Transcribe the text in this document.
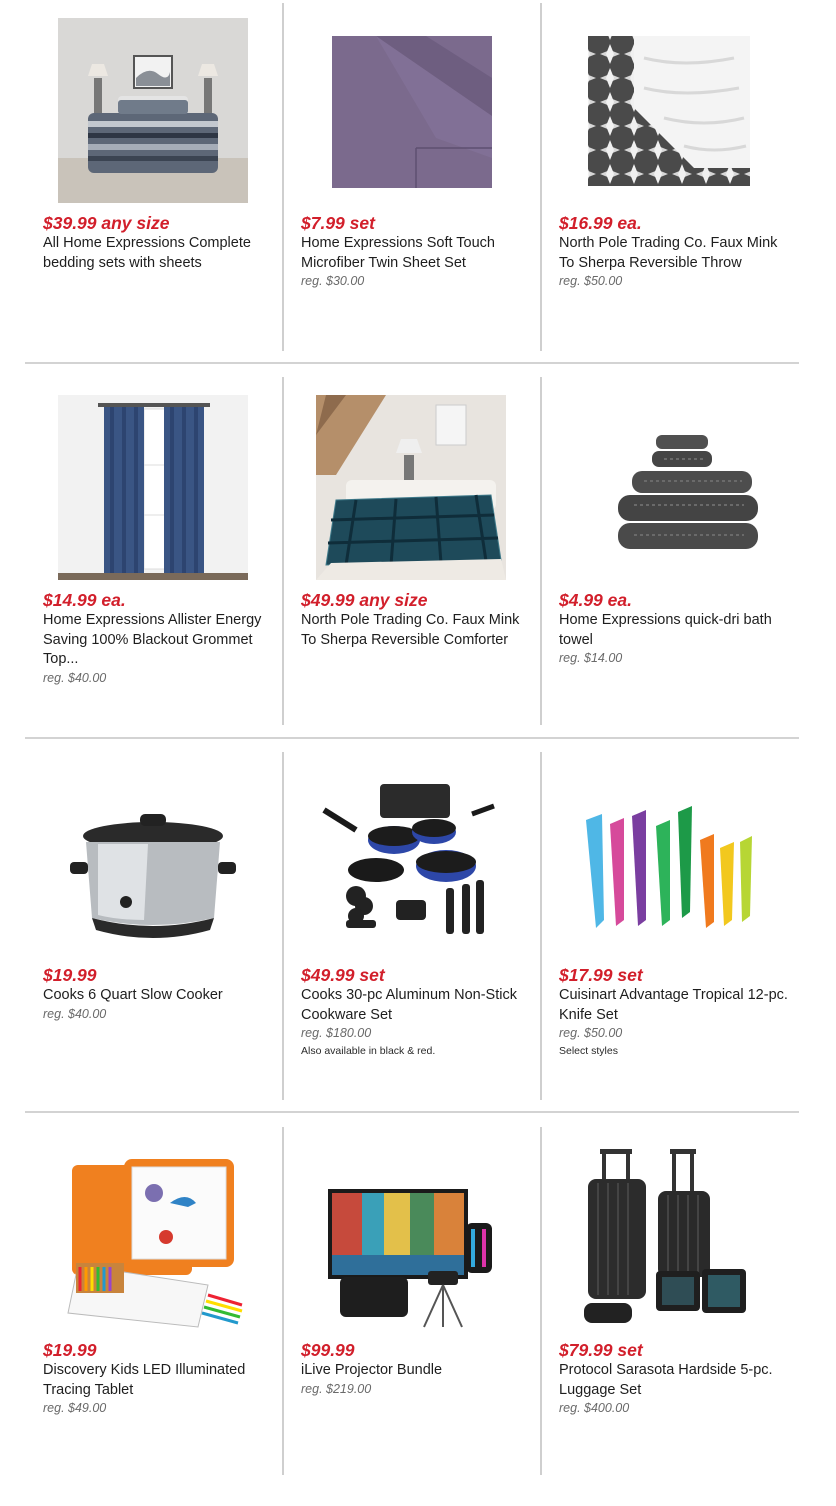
$39.99 any size
All Home Expressions Complete bedding sets with sheets
$7.99 set
Home Expressions Soft Touch Microfiber Twin Sheet Set
reg. $30.00
$16.99 ea.
North Pole Trading Co. Faux Mink To Sherpa Reversible Throw
reg. $50.00
$14.99 ea.
Home Expressions Allister Energy Saving 100% Blackout Grommet Top...
reg. $40.00
$49.99 any size
North Pole Trading Co. Faux Mink To Sherpa Reversible Comforter
$4.99 ea.
Home Expressions quick-dri bath towel
reg. $14.00
$19.99
Cooks 6 Quart Slow Cooker
reg. $40.00
$49.99 set
Cooks 30-pc Aluminum Non-Stick Cookware Set
reg. $180.00
Also available in black & red.
$17.99 set
Cuisinart Advantage Tropical 12-pc. Knife Set
reg. $50.00
Select styles
$19.99
Discovery Kids LED Illuminated Tracing Tablet
reg. $49.00
$99.99
iLive Projector Bundle
reg. $219.00
$79.99 set
Protocol Sarasota Hardside 5-pc. Luggage Set
reg. $400.00
